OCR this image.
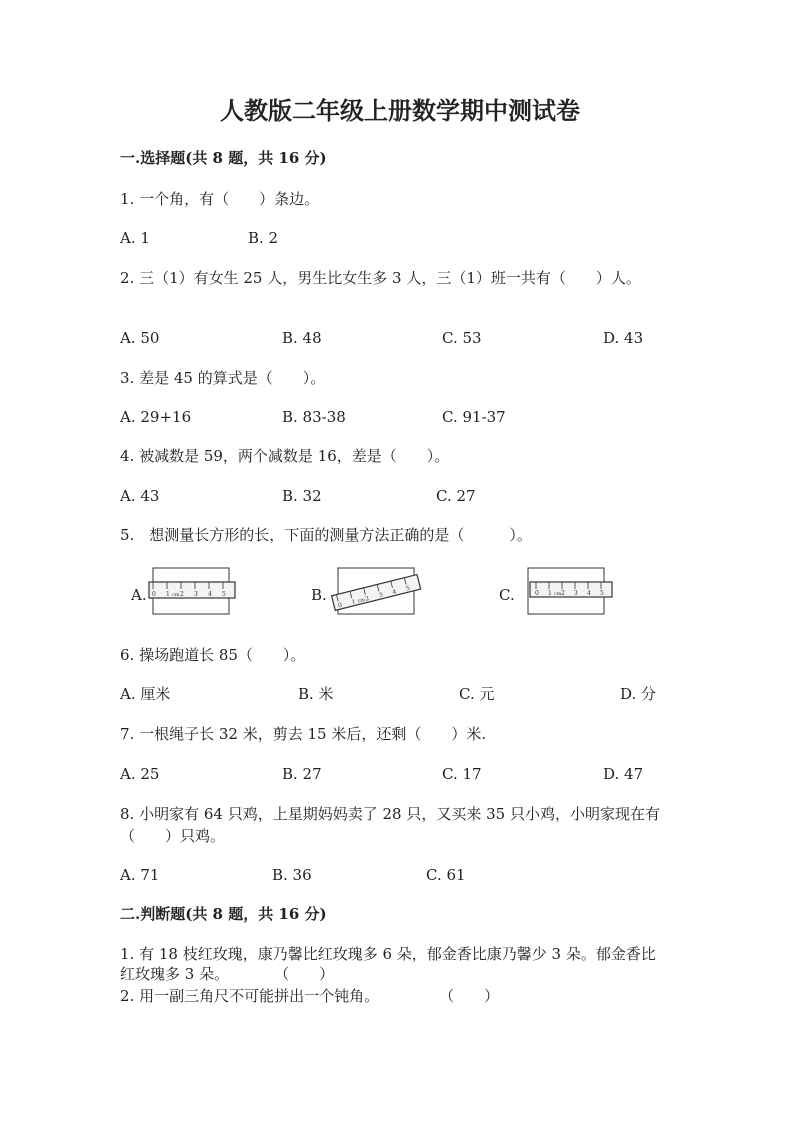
人教版二年级上册数学期中测试卷
一.选择题(共 8 题，共 16 分)
1. 一个角，有（　　）条边。
A. 1	B. 2
2. 三（1）有女生 25 人，男生比女生多 3 人，三（1）班一共有（　　）人。
A. 50	B. 48	C. 53	D. 43
3. 差是 45 的算式是（　　）。
A. 29+16	B. 83-38	C. 91-37
4. 被减数是 59，两个减数是 16，差是（　　）。
A. 43	B. 32	C. 27
5.　想测量长方形的长，下面的测量方法正确的是（　　　）。
A. 0 1 cm 2 3 4 5	B.
0 1 cm
2 3 4 5	C.	0 1 cm 2 3 4 5
6. 操场跑道长 85（　　）。
A. 厘米	B. 米	C. 元	D. 分
7. 一根绳子长 32 米，剪去 15 米后，还剩（　　）米.
A. 25	B. 27	C. 17	D. 47
8. 小明家有 64 只鸡，上星期妈妈卖了 28 只，又买来 35 只小鸡，小明家现在有
（　　）只鸡。
A. 71	B. 36	C. 61
二.判断题(共 8 题，共 16 分)
1. 有 18 枝红玫瑰，康乃馨比红玫瑰多 6 朵，郁金香比康乃馨少 3 朵。郁金香比
红玫瑰多 3 朵。　　　　（　　）
2. 用一副三角尺不可能拼出一个钝角。　　　　　（　　）
